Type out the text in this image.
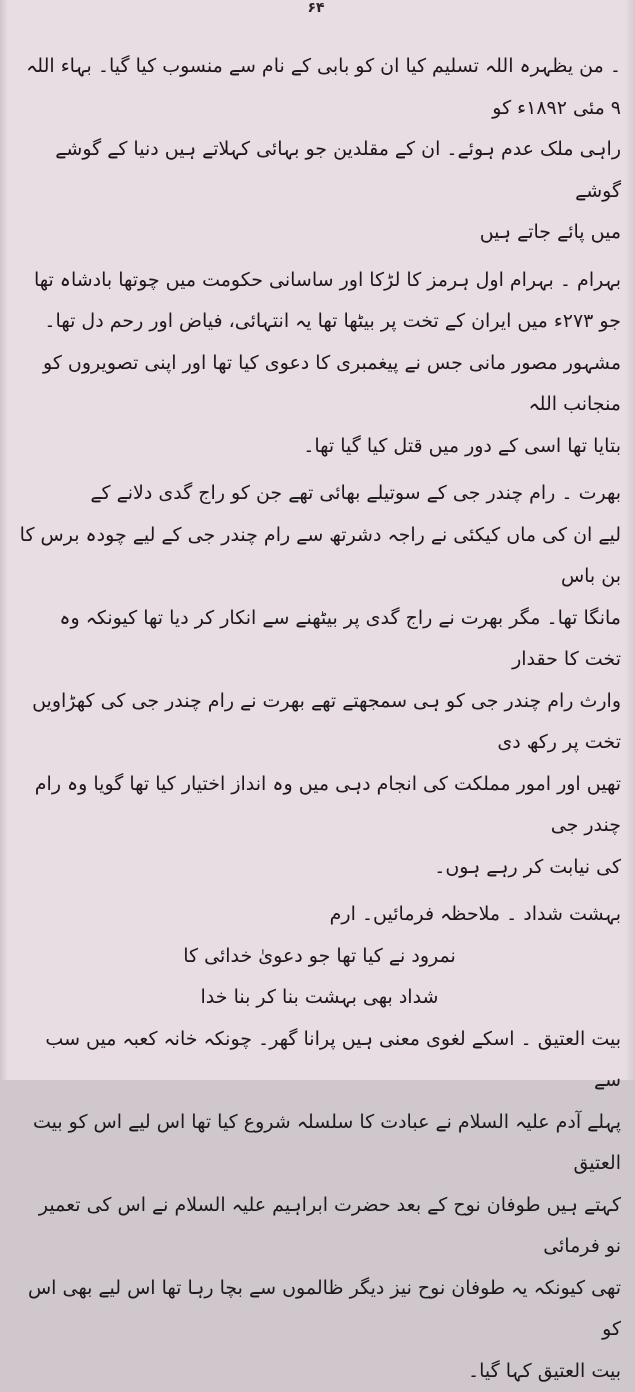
۶۴

۔ من یظہرہ اللہ تسلیم کیا ان کو بابی کے نام سے منسوب کیا گیا۔ بہاء اللہ ۹ مئی ۱۸۹۲ء کو

راہی ملک عدم ہوئے۔ ان کے مقلدین جو بہائی کہلاتے ہیں دنیا کے گوشے گوشے

میں پائے جاتے ہیں

بہرام ۔ بہرام اول ہرمز کا لڑکا اور ساسانی حکومت میں چوتھا بادشاہ تھا

جو ۲۷۳ء میں ایران کے تخت پر بیٹھا تھا یہ انتہائی، فیاض اور رحم دل تھا۔

مشہور مصور مانی جس نے پیغمبری کا دعوی کیا تھا اور اپنی تصویروں کو منجانب اللہ

بتایا تھا اسی کے دور میں قتل کیا گیا تھا۔

بھرت ۔ رام چندر جی کے سوتیلے بھائی تھے جن کو راج گدی دلانے کے

لیے ان کی ماں کیکئی نے راجہ دشرتھ سے رام چندر جی کے لیے چودہ برس کا بن باس

مانگا تھا۔ مگر بھرت نے راج گدی پر بیٹھنے سے انکار کر دیا تھا کیونکہ وہ تخت کا حقدار

وارث رام چندر جی کو ہی سمجھتے تھے بھرت نے رام چندر جی کی کھڑاویں تخت پر رکھ دی

تھیں اور امور مملکت کی انجام دہی میں وہ انداز اختیار کیا تھا گویا وہ رام چندر جی

کی نیابت کر رہے ہوں۔

بہشت شداد ۔ ملاحظہ فرمائیں۔ ارم

نمرود نے کیا تھا جو دعویٰ خدائی کا

شداد بھی بہشت بنا کر بنا خدا

بیت العتیق ۔ اسکے لغوی معنی ہیں پرانا گھر۔ چونکہ خانہ کعبہ میں سب سے

پہلے آدم علیہ السلام نے عبادت کا سلسلہ شروع کیا تھا اس لیے اس کو بیت العتیق

کہتے ہیں طوفان نوح کے بعد حضرت ابراہیم علیہ السلام نے اس کی تعمیر نو فرمائی

تھی کیونکہ یہ طوفان نوح نیز دیگر ظالموں سے بچا رہا تھا اس لیے بھی اس کو

بیت العتیق کہا گیا۔
